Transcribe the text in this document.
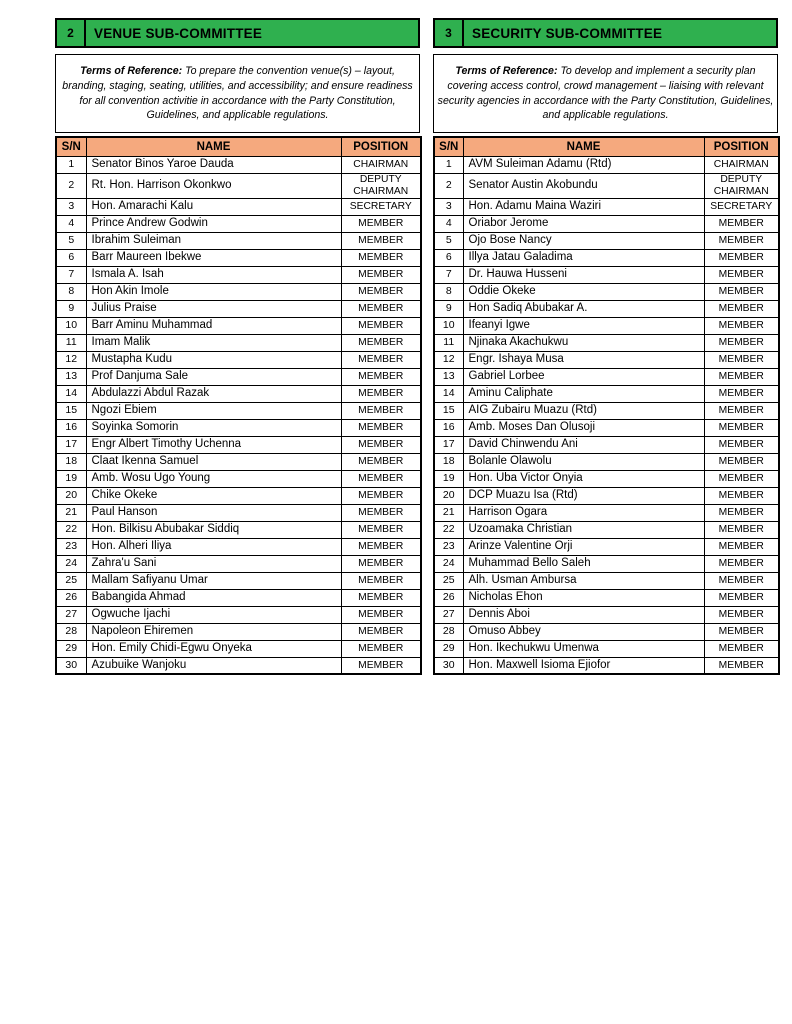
2	VENUE SUB-COMMITTEE
Terms of Reference: To prepare the convention venue(s) – layout, branding, staging, seating, utilities, and accessibility; and ensure readiness for all convention activitie in accordance with the Party Constitution, Guidelines, and applicable regulations.
S/N	NAME	POSITION
1	Senator Binos Yaroe Dauda	CHAIRMAN
2	Rt. Hon. Harrison Okonkwo	DEPUTY CHAIRMAN
3	Hon. Amarachi Kalu	SECRETARY
4	Prince Andrew Godwin	MEMBER
5	Ibrahim Suleiman	MEMBER
6	Barr Maureen Ibekwe	MEMBER
7	Ismala A. Isah	MEMBER
8	Hon Akin Imole	MEMBER
9	Julius Praise	MEMBER
10	Barr Aminu Muhammad	MEMBER
11	Imam Malik	MEMBER
12	Mustapha Kudu	MEMBER
13	Prof Danjuma Sale	MEMBER
14	Abdulazzi Abdul Razak	MEMBER
15	Ngozi Ebiem	MEMBER
16	Soyinka Somorin	MEMBER
17	Engr Albert Timothy Uchenna	MEMBER
18	Claat Ikenna Samuel	MEMBER
19	Amb. Wosu Ugo Young	MEMBER
20	Chike Okeke	MEMBER
21	Paul Hanson	MEMBER
22	Hon. Bilkisu Abubakar Siddiq	MEMBER
23	Hon. Alheri Iliya	MEMBER
24	Zahra'u Sani	MEMBER
25	Mallam Safiyanu Umar	MEMBER
26	Babangida Ahmad	MEMBER
27	Ogwuche Ijachi	MEMBER
28	Napoleon Ehiremen	MEMBER
29	Hon. Emily Chidi-Egwu Onyeka	MEMBER
30	Azubuike Wanjoku	MEMBER
3	SECURITY SUB-COMMITTEE
Terms of Reference: To develop and implement a security plan covering access control, crowd management – liaising with relevant security agencies in accordance with the Party Constitution, Guidelines, and applicable regulations.
S/N	NAME	POSITION
1	AVM Suleiman Adamu (Rtd)	CHAIRMAN
2	Senator Austin Akobundu	DEPUTY CHAIRMAN
3	Hon. Adamu Maina Waziri	SECRETARY
4	Oriabor Jerome	MEMBER
5	Ojo Bose Nancy	MEMBER
6	Illya Jatau Galadima	MEMBER
7	Dr. Hauwa Husseni	MEMBER
8	Oddie Okeke	MEMBER
9	Hon Sadiq Abubakar A.	MEMBER
10	Ifeanyi Igwe	MEMBER
11	Njinaka Akachukwu	MEMBER
12	Engr. Ishaya Musa	MEMBER
13	Gabriel Lorbee	MEMBER
14	Aminu Caliphate	MEMBER
15	AIG Zubairu Muazu (Rtd)	MEMBER
16	Amb. Moses Dan Olusoji	MEMBER
17	David Chinwendu Ani	MEMBER
18	Bolanle Olawolu	MEMBER
19	Hon. Uba Victor Onyia	MEMBER
20	DCP Muazu Isa (Rtd)	MEMBER
21	Harrison Ogara	MEMBER
22	Uzoamaka Christian	MEMBER
23	Arinze Valentine Orji	MEMBER
24	Muhammad Bello Saleh	MEMBER
25	Alh. Usman Ambursa	MEMBER
26	Nicholas Ehon	MEMBER
27	Dennis Aboi	MEMBER
28	Omuso Abbey	MEMBER
29	Hon. Ikechukwu Umenwa	MEMBER
30	Hon. Maxwell Isioma Ejiofor	MEMBER
